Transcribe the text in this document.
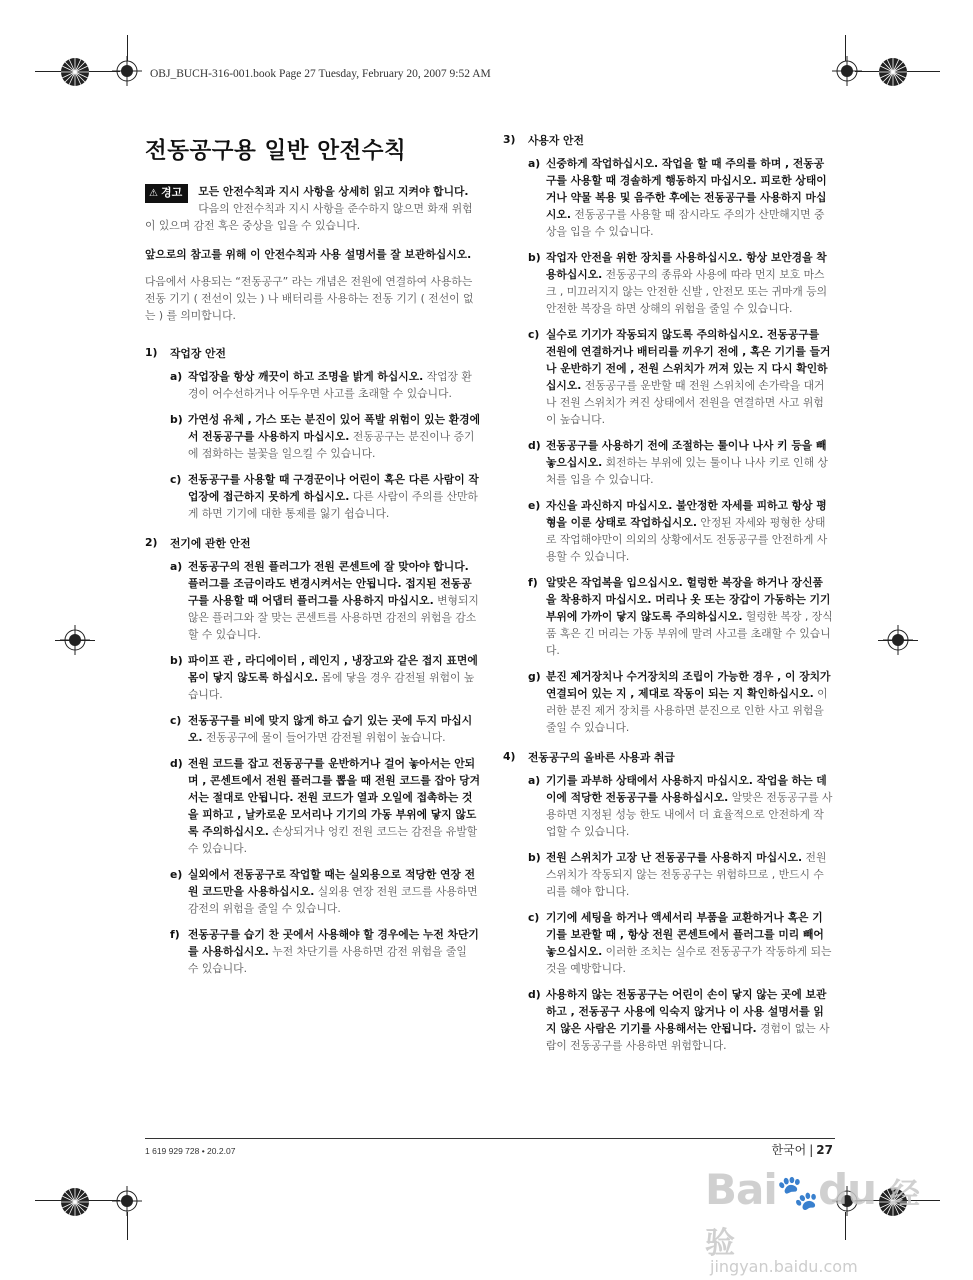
OBJ_BUCH-316-001.book Page 27 Tuesday, February 20, 2007 9:52 AM
전동공구용 일반 안전수칙
⚠ 경고	모든 안전수칙과 지시 사항을 상세히 읽고 지켜야 합니다. 다음의 안전수칙과 지시 사항을 준수하지 않으면 화재 위험이 있으며 감전 혹은 중상을 입을 수 있습니다.

앞으로의 참고를 위해 이 안전수칙과 사용 설명서를 잘 보관하십시오.

다음에서 사용되는 “전동공구” 라는 개념은 전원에 연결하여 사용하는 전동 기기 ( 전선이 있는 ) 나 배터리를 사용하는 전동 기기 ( 전선이 없는 ) 를 의미합니다.

1)	작업장 안전
a) 작업장을 항상 깨끗이 하고 조명을 밝게 하십시오. 작업장 환경이 어수선하거나 어두우면 사고를 초래할 수 있습니다.
b) 가연성 유체 , 가스 또는 분진이 있어 폭발 위험이 있는 환경에서 전동공구를 사용하지 마십시오. 전동공구는 분진이나 증기에 점화하는 불꽃을 일으킬 수 있습니다.
c) 전동공구를 사용할 때 구경꾼이나 어린이 혹은 다른 사람이 작업장에 접근하지 못하게 하십시오. 다른 사람이 주의를 산만하게 하면 기기에 대한 통제를 잃기 쉽습니다.
2)	전기에 관한 안전
a) 전동공구의 전원 플러그가 전원 콘센트에 잘 맞아야 합니다. 플러그를 조금이라도 변경시켜서는 안됩니다. 접지된 전동공구를 사용할 때 어댑터 플러그를 사용하지 마십시오. 변형되지 않은 플러그와 잘 맞는 콘센트를 사용하면 감전의 위험을 감소할 수 있습니다.
b) 파이프 관 , 라디에이터 , 레인지 , 냉장고와 같은 접지 표면에 몸이 닿지 않도록 하십시오. 몸에 닿을 경우 감전될 위험이 높습니다.
c) 전동공구를 비에 맞지 않게 하고 습기 있는 곳에 두지 마십시오. 전동공구에 물이 들어가면 감전될 위험이 높습니다.
d) 전원 코드를 잡고 전동공구를 운반하거나 걸어 놓아서는 안되며 , 콘센트에서 전원 플러그를 뽑을 때 전원 코드를 잡아 당겨서는 절대로 안됩니다. 전원 코드가 열과 오일에 접촉하는 것을 피하고 , 날카로운 모서리나 기기의 가동 부위에 닿지 않도록 주의하십시오. 손상되거나 엉킨 전원 코드는 감전을 유발할 수 있습니다.
e) 실외에서 전동공구로 작업할 때는 실외용으로 적당한 연장 전원 코드만을 사용하십시오. 실외용 연장 전원 코드를 사용하면 감전의 위험을 줄일 수 있습니다.
f) 전동공구를 습기 찬 곳에서 사용해야 할 경우에는 누전 차단기를 사용하십시오. 누전 차단기를 사용하면 감전 위험을 줄일 수 있습니다.
3)	사용자 안전
a) 신중하게 작업하십시오. 작업을 할 때 주의를 하며 , 전동공구를 사용할 때 경솔하게 행동하지 마십시오. 피로한 상태이거나 약물 복용 및 음주한 후에는 전동공구를 사용하지 마십시오. 전동공구를 사용할 때 잠시라도 주의가 산만해지면 중상을 입을 수 있습니다.
b) 작업자 안전을 위한 장치를 사용하십시오. 항상 보안경을 착용하십시오. 전동공구의 종류와 사용에 따라 먼지 보호 마스크 , 미끄러지지 않는 안전한 신발 , 안전모 또는 귀마개 등의 안전한 복장을 하면 상해의 위험을 줄일 수 있습니다.
c) 실수로 기기가 작동되지 않도록 주의하십시오. 전동공구를 전원에 연결하거나 배터리를 끼우기 전에 , 혹은 기기를 들거나 운반하기 전에 , 전원 스위치가 꺼져 있는 지 다시 확인하십시오. 전동공구를 운반할 때 전원 스위치에 손가락을 대거나 전원 스위치가 켜진 상태에서 전원을 연결하면 사고 위험이 높습니다.
d) 전동공구를 사용하기 전에 조절하는 툴이나 나사 키 등을 빼 놓으십시오. 회전하는 부위에 있는 툴이나 나사 키로 인해 상처를 입을 수 있습니다.
e) 자신을 과신하지 마십시오. 불안정한 자세를 피하고 항상 평형을 이룬 상태로 작업하십시오. 안정된 자세와 평형한 상태로 작업해야만이 의외의 상황에서도 전동공구를 안전하게 사용할 수 있습니다.
f) 알맞은 작업복을 입으십시오. 헐렁한 복장을 하거나 장신품을 착용하지 마십시오. 머리나 옷 또는 장갑이 가동하는 기기 부위에 가까이 닿지 않도록 주의하십시오. 헐렁한 복장 , 장식품 혹은 긴 머리는 가동 부위에 말려 사고를 초래할 수 있습니다.
g) 분진 제거장치나 수거장치의 조립이 가능한 경우 , 이 장치가 연결되어 있는 지 , 제대로 작동이 되는 지 확인하십시오. 이러한 분진 제거 장치를 사용하면 분진으로 인한 사고 위험을 줄일 수 있습니다.
4)	전동공구의 올바른 사용과 취급
a) 기기를 과부하 상태에서 사용하지 마십시오. 작업을 하는 데 이에 적당한 전동공구를 사용하십시오. 알맞은 전동공구를 사용하면 지정된 성능 한도 내에서 더 효율적으로 안전하게 작업할 수 있습니다.
b) 전원 스위치가 고장 난 전동공구를 사용하지 마십시오. 전원 스위치가 작동되지 않는 전동공구는 위험하므로 , 반드시 수리를 해야 합니다.
c) 기기에 세팅을 하거나 액세서리 부품을 교환하거나 혹은 기기를 보관할 때 , 항상 전원 콘센트에서 플러그를 미리 빼어 놓으십시오. 이러한 조치는 실수로 전동공구가 작동하게 되는 것을 예방합니다.
d) 사용하지 않는 전동공구는 어린이 손이 닿지 않는 곳에 보관하고 , 전동공구 사용에 익숙지 않거나 이 사용 설명서를 읽지 않은 사람은 기기를 사용해서는 안됩니다. 경험이 없는 사람이 전동공구를 사용하면 위험합니다.
1 619 929 728 • 20.2.07	한국어 | 27
Bai🐾du 经验
jingyan.baidu.com
